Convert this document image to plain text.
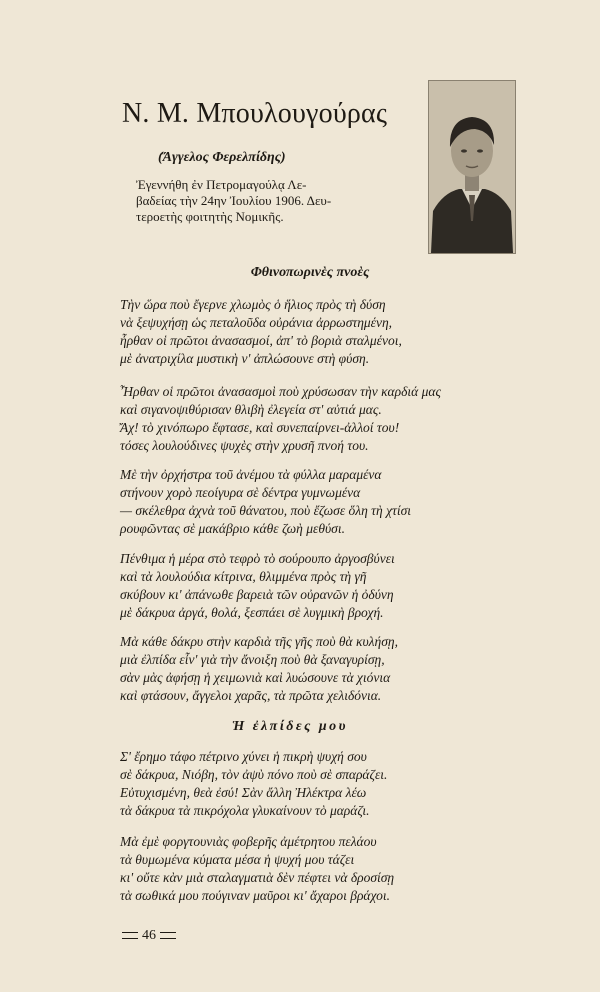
Ν. Μ. Μπουλουγούρας
(Ἄγγελος Φερελπίδης)
Ἐγεννήθη ἐν Πετρομαγούλᾳ Λε-
βαδείας τὴν 24ην Ἰουλίου 1906. Δευ-
τεροετὴς φοιτητὴς Νομικῆς.
Φθινοπωρινὲς πνοὲς
Τὴν ὥρα ποὺ ἔγερνε χλωμὸς ὁ ἥλιος πρὸς τὴ δύση
νὰ ξεψυχήσῃ ὡς πεταλοῦδα οὐράνια ἀρρωστημένη,
ἦρθαν οἱ πρῶτοι ἀνασασμοί, ἀπ' τὸ βοριὰ σταλμένοι,
μὲ ἀνατριχίλα μυστικὴ ν' ἀπλώσουνε στὴ φύση.
Ἦρθαν οἱ πρῶτοι ἀνασασμοὶ ποὺ χρύσωσαν τὴν καρδιά μας
καὶ σιγανοψιθύρισαν θλιβὴ ἐλεγεία στ' αὐτιά μας.
Ἄχ! τὸ χινόπωρο ἔφτασε, καὶ συνεπαίρνει-ἀλλοί του!
τόσες λουλούδινες ψυχὲς στὴν χρυσῆ πνοή του.
Μὲ τὴν ὀρχήστρα τοῦ ἀνέμου τὰ φύλλα μαραμένα
στήνουν χορὸ πεοίγυρα σὲ δέντρα γυμνωμένα
— σκέλεθρα ἀχνὰ τοῦ θάνατου, ποὺ ἔζωσε ὅλη τὴ χτίσι
ρουφῶντας σὲ μακάβριο κάθε ζωὴ μεθύσι.
Πένθιμα ἡ μέρα στὸ τεφρὸ τὸ σούρουπο ἀργοσβύνει
καὶ τὰ λουλούδια κίτρινα, θλιμμένα πρὸς τὴ γῆ
σκύβουν κι' ἀπάνωθε βαρειὰ τῶν οὐρανῶν ἡ ὀδύνη
μὲ δάκρυα ἀργά, θολά, ξεσπάει σὲ λυγμικὴ βροχή.
Μὰ κάθε δάκρυ στὴν καρδιὰ τῆς γῆς ποὺ θὰ κυλήσῃ,
μιὰ ἐλπίδα εἶν' γιὰ τὴν ἄνοιξη ποὺ θὰ ξαναγυρίσῃ,
σὰν μὰς ἀφήσῃ ἡ χειμωνιὰ καὶ λυώσουνε τὰ χιόνια
καὶ φτάσουν, ἄγγελοι χαρᾶς, τὰ πρῶτα χελιδόνια.
Ἡ ἐλπίδες μου
Σ' ἔρημο τάφο πέτρινο χύνει ἡ πικρὴ ψυχή σου
σὲ δάκρυα, Νιόβη, τὸν ἀψὺ πόνο ποὺ σὲ σπαράζει.
Εὐτυχισμένη, θεὰ ἐσύ! Σὰν ἄλλη Ἠλέκτρα λέω
τὰ δάκρυα τὰ πικρόχολα γλυκαίνουν τὸ μαράζι.
Μὰ ἐμὲ φοργτουνιὰς φοβερῆς ἀμέτρητου πελάου
τὰ θυμωμένα κύματα μέσα ἡ ψυχή μου τάζει
κι' οὔτε κὰν μιὰ σταλαγματιὰ δὲν πέφτει νὰ δροσίσῃ
τὰ σωθικά μου πούγιναν μαῦροι κι' ἄχαροι βράχοι.
46
